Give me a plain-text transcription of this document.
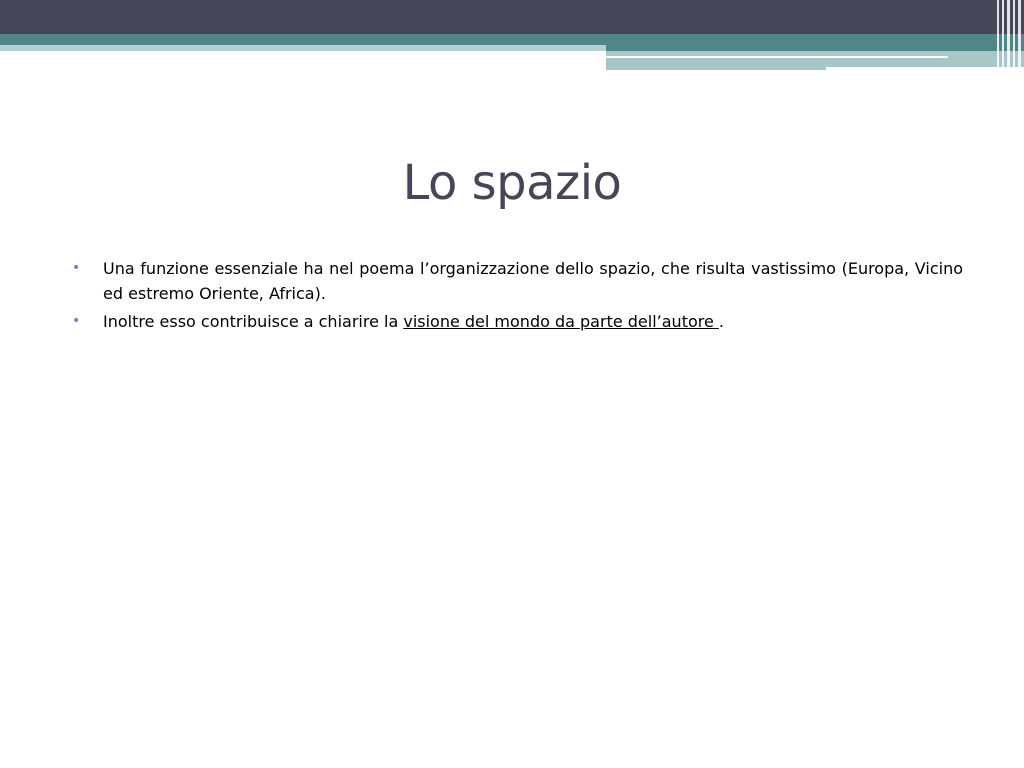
Lo spazio
• Una funzione essenziale ha nel poema l’organizzazione dello spazio, che risulta vastissimo (Europa, Vicino ed estremo Oriente, Africa).
• Inoltre esso contribuisce a chiarire la visione del mondo da parte dell’autore .
